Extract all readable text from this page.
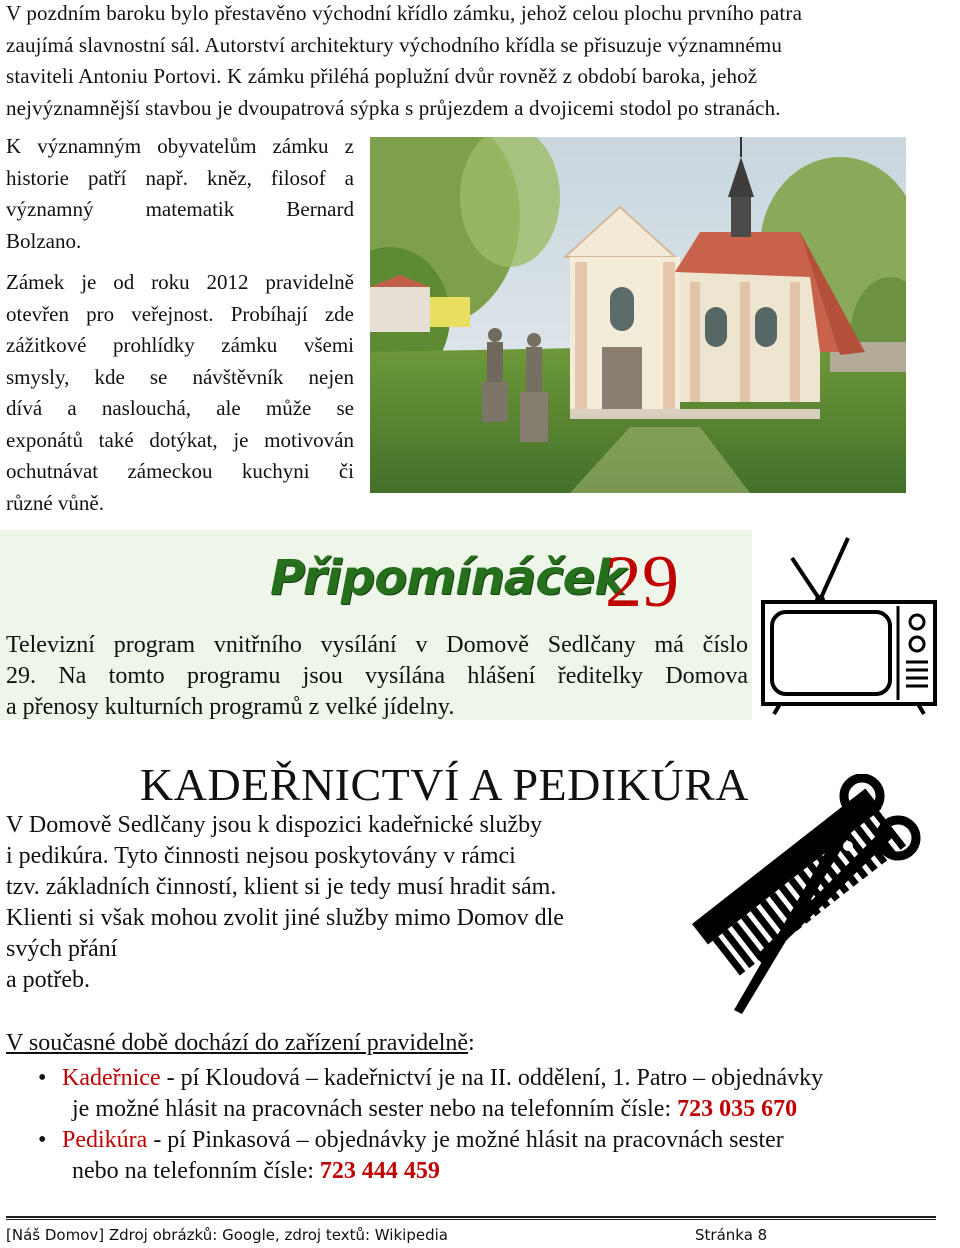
V pozdním baroku bylo přestavěno východní křídlo zámku, jehož celou plochu prvního patra
zaujímá slavnostní sál. Autorství architektury východního křídla se přisuzuje významnému
staviteli Antoniu Portovi. K zámku přiléhá poplužní dvůr rovněž z období baroka, jehož
nejvýznamnější stavbou je dvoupatrová sýpka s průjezdem a dvojicemi stodol po stranách.
K významným obyvatelům zámku z
historie patří např. kněz, filosof a
významný matematik Bernard
Bolzano.
Zámek je od roku 2012 pravidelně
otevřen pro veřejnost. Probíhají zde
zážitkové prohlídky zámku všemi
smysly, kde se návštěvník nejen
dívá a naslouchá, ale může se
exponátů také dotýkat, je motivován
ochutnávat zámeckou kuchyni či
různé vůně.
Připomínáček
29
Televizní program vnitřního vysílání v Domově Sedlčany má číslo
29. Na tomto programu jsou vysílána hlášení ředitelky Domova
a přenosy kulturních programů z velké jídelny.
KADEŘNICTVÍ A PEDIKÚRA
V Domově Sedlčany jsou k dispozici kadeřnické služby
i pedikúra. Tyto činnosti nejsou poskytovány v rámci
tzv. základních činností, klient si je tedy musí hradit sám.
Klienti si však mohou zvolit jiné služby mimo Domov dle
svých přání
a potřeb.
V současné době dochází do zařízení pravidelně:
• Kadeřnice - pí Kloudová – kadeřnictví je na II. oddělení, 1. Patro – objednávky
je možné hlásit na pracovnách sester nebo na telefonním čísle: 723 035 670
• Pedikúra - pí Pinkasová – objednávky je možné hlásit na pracovnách sester
nebo na telefonním čísle: 723 444 459
[Náš Domov] Zdroj obrázků: Google, zdroj textů: Wikipedia	Stránka 8
